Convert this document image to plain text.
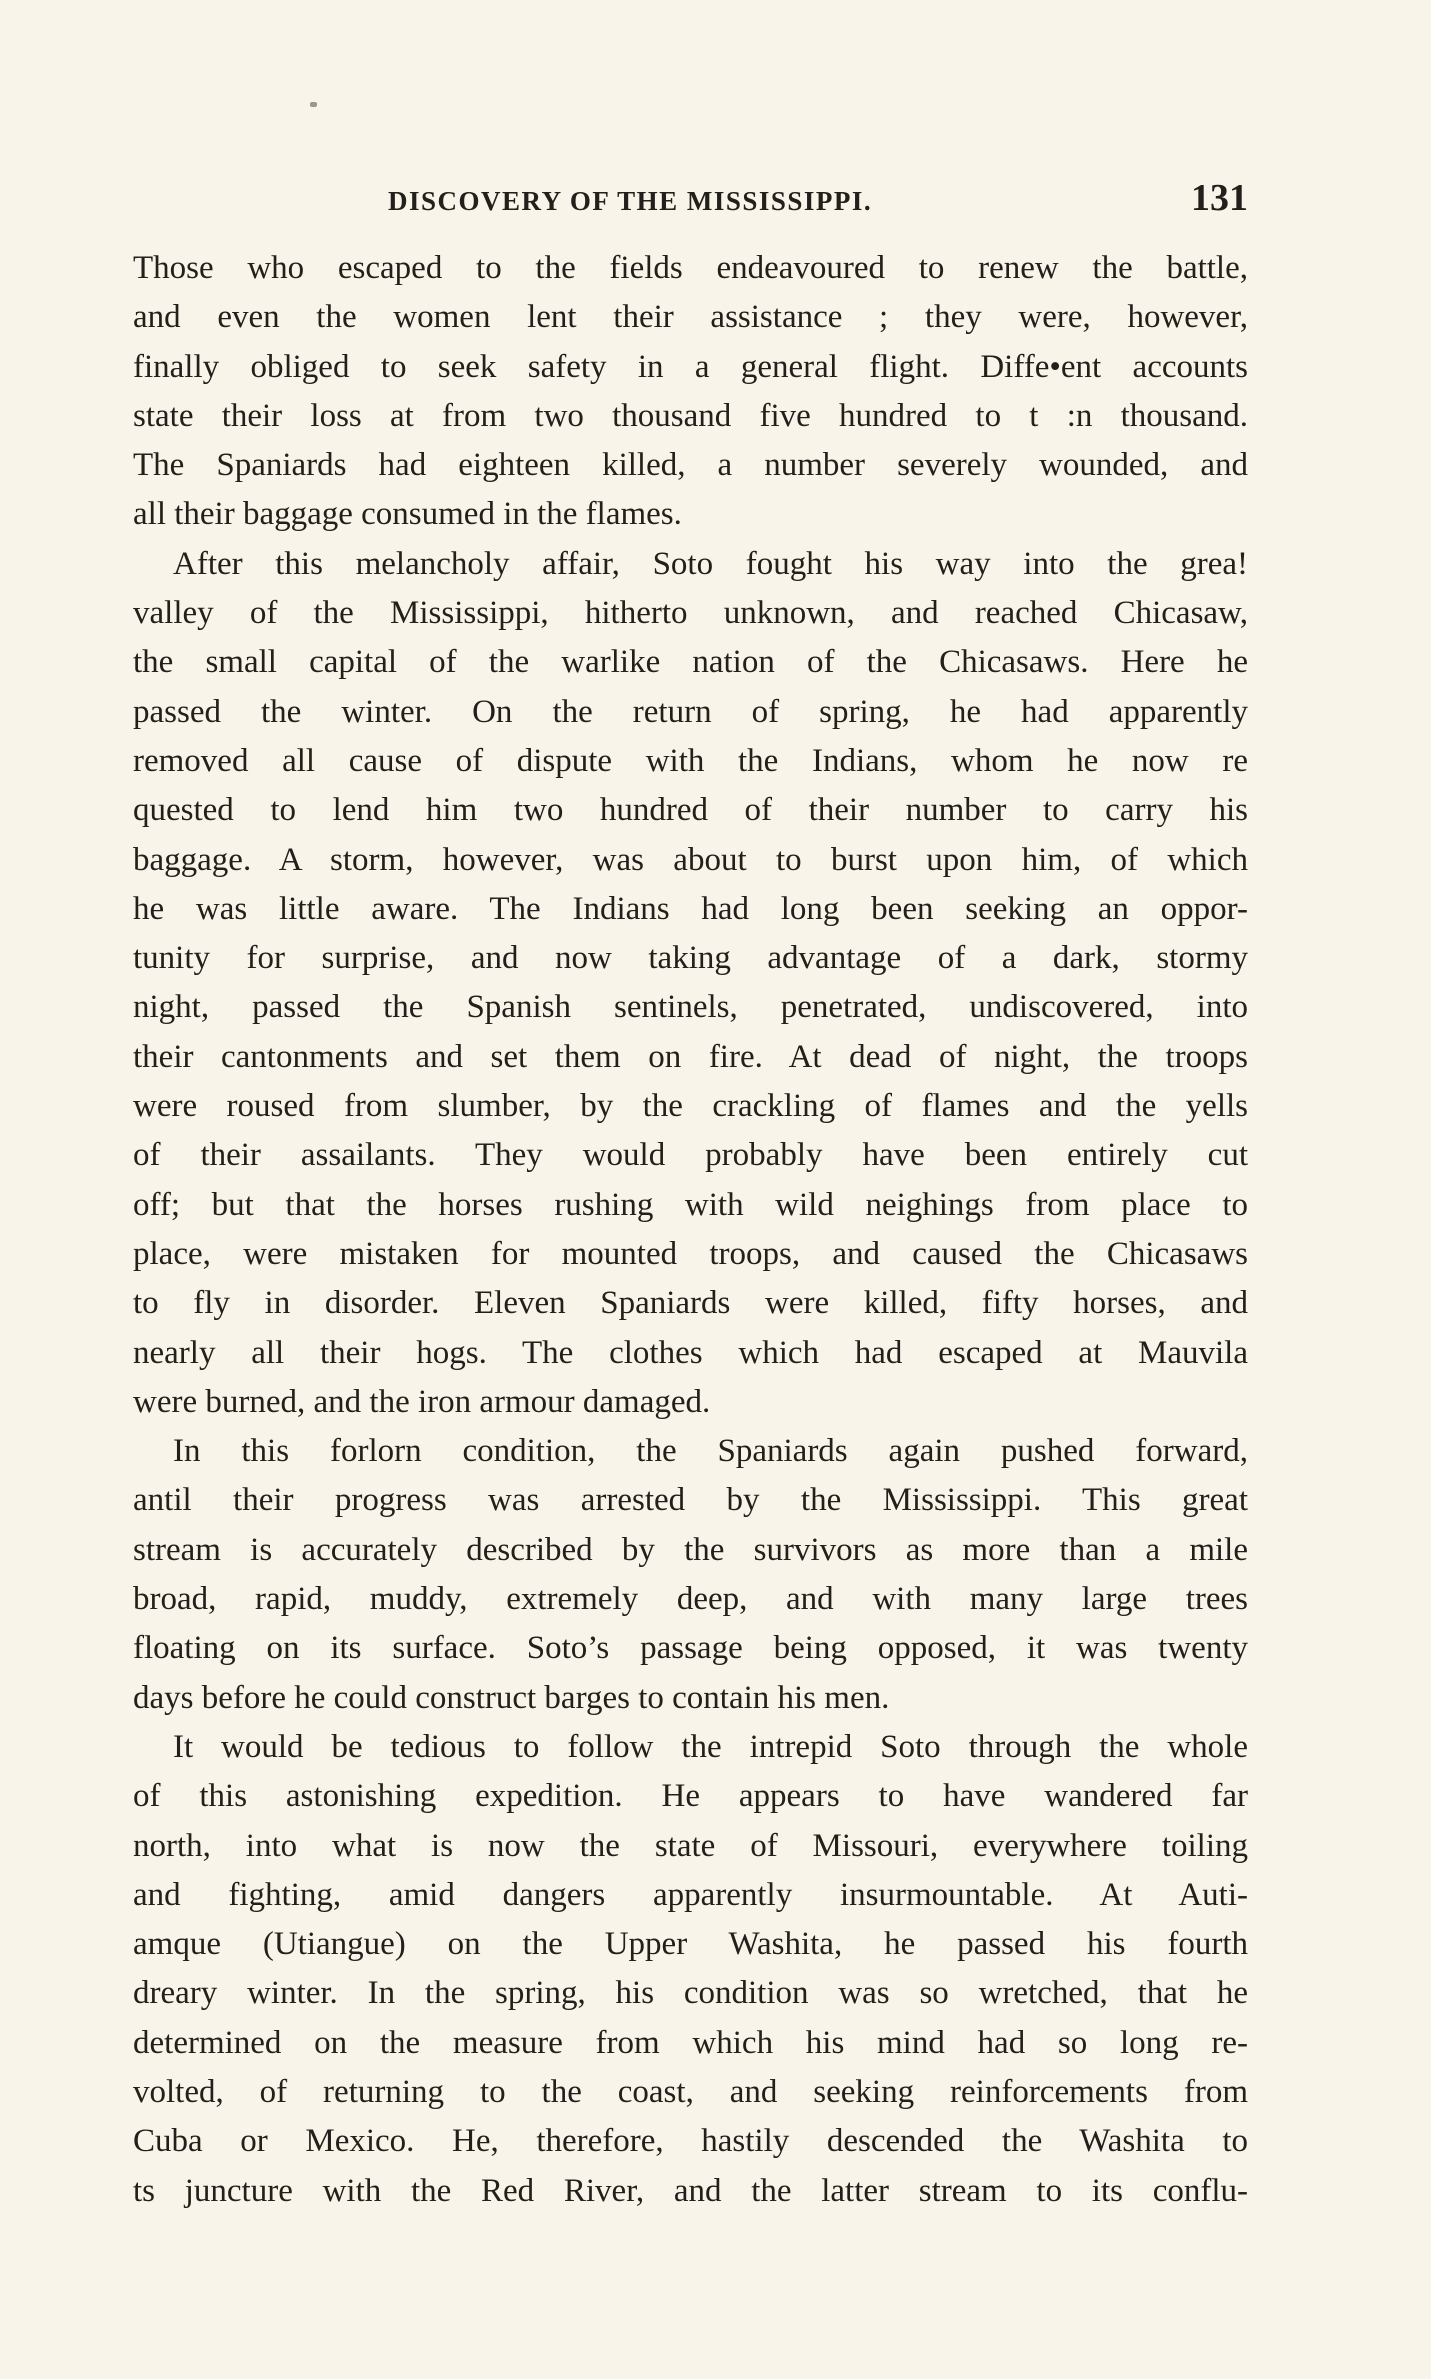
DISCOVERY OF THE MISSISSIPPI.	131
Those who escaped to the fields endeavoured to renew the battle,
and even the women lent their assistance ; they were, however,
finally obliged to seek safety in a general flight. Diffe•ent accounts
state their loss at from two thousand five hundred to t :n thousand.
The Spaniards had eighteen killed, a number severely wounded, and
all their baggage consumed in the flames.
After this melancholy affair, Soto fought his way into the grea!
valley of the Mississippi, hitherto unknown, and reached Chicasaw,
the small capital of the warlike nation of the Chicasaws. Here he
passed the winter. On the return of spring, he had apparently
removed all cause of dispute with the Indians, whom he now re
quested to lend him two hundred of their number to carry his
baggage. A storm, however, was about to burst upon him, of which
he was little aware. The Indians had long been seeking an oppor-
tunity for surprise, and now taking advantage of a dark, stormy
night, passed the Spanish sentinels, penetrated, undiscovered, into
their cantonments and set them on fire. At dead of night, the troops
were roused from slumber, by the crackling of flames and the yells
of their assailants. They would probably have been entirely cut
off; but that the horses rushing with wild neighings from place to
place, were mistaken for mounted troops, and caused the Chicasaws
to fly in disorder. Eleven Spaniards were killed, fifty horses, and
nearly all their hogs. The clothes which had escaped at Mauvila
were burned, and the iron armour damaged.
In this forlorn condition, the Spaniards again pushed forward,
antil their progress was arrested by the Mississippi. This great
stream is accurately described by the survivors as more than a mile
broad, rapid, muddy, extremely deep, and with many large trees
floating on its surface. Soto’s passage being opposed, it was twenty
days before he could construct barges to contain his men.
It would be tedious to follow the intrepid Soto through the whole
of this astonishing expedition. He appears to have wandered far
north, into what is now the state of Missouri, everywhere toiling
and fighting, amid dangers apparently insurmountable. At Auti-
amque (Utiangue) on the Upper Washita, he passed his fourth
dreary winter. In the spring, his condition was so wretched, that he
determined on the measure from which his mind had so long re-
volted, of returning to the coast, and seeking reinforcements from
Cuba or Mexico. He, therefore, hastily descended the Washita to
ts juncture with the Red River, and the latter stream to its conflu-
